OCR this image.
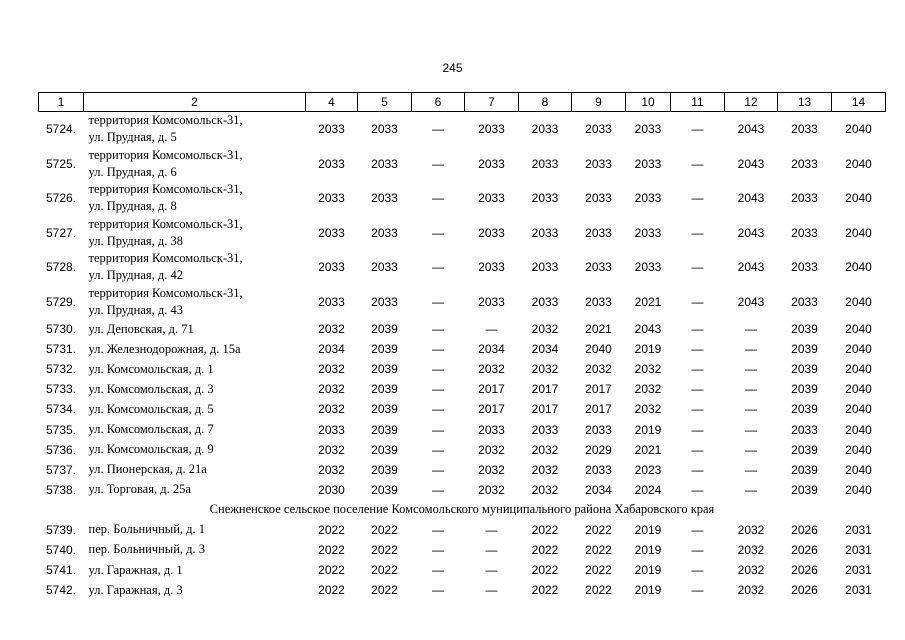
245
1	2	4	5	6	7	8	9	10	11	12	13	14
5724.	территория Комсомольск-31,
ул. Прудная, д. 5	2033	2033	—	2033	2033	2033	2033	—	2043	2033	2040
5725.	территория Комсомольск-31,
ул. Прудная, д. 6	2033	2033	—	2033	2033	2033	2033	—	2043	2033	2040
5726.	территория Комсомольск-31,
ул. Прудная, д. 8	2033	2033	—	2033	2033	2033	2033	—	2043	2033	2040
5727.	территория Комсомольск-31,
ул. Прудная, д. 38	2033	2033	—	2033	2033	2033	2033	—	2043	2033	2040
5728.	территория Комсомольск-31,
ул. Прудная, д. 42	2033	2033	—	2033	2033	2033	2033	—	2043	2033	2040
5729.	территория Комсомольск-31,
ул. Прудная, д. 43	2033	2033	—	2033	2033	2033	2021	—	2043	2033	2040
5730.	ул. Деповская, д. 71	2032	2039	—	—	2032	2021	2043	—	—	2039	2040
5731.	ул. Железнодорожная, д. 15а	2034	2039	—	2034	2034	2040	2019	—	—	2039	2040
5732.	ул. Комсомольская, д. 1	2032	2039	—	2032	2032	2032	2032	—	—	2039	2040
5733.	ул. Комсомольская, д. 3	2032	2039	—	2017	2017	2017	2032	—	—	2039	2040
5734.	ул. Комсомольская, д. 5	2032	2039	—	2017	2017	2017	2032	—	—	2039	2040
5735.	ул. Комсомольская, д. 7	2033	2039	—	2033	2033	2033	2019	—	—	2033	2040
5736.	ул. Комсомольская, д. 9	2032	2039	—	2032	2032	2029	2021	—	—	2039	2040
5737.	ул. Пионерская, д. 21а	2032	2039	—	2032	2032	2033	2023	—	—	2039	2040
5738.	ул. Торговая, д. 25а	2030	2039	—	2032	2032	2034	2024	—	—	2039	2040
Снежненское сельское поселение Комсомольского муниципального района Хабаровского края												
5739.	пер. Больничный, д. 1	2022	2022	—	—	2022	2022	2019	—	2032	2026	2031
5740.	пер. Больничный, д. 3	2022	2022	—	—	2022	2022	2019	—	2032	2026	2031
5741.	ул. Гаражная, д. 1	2022	2022	—	—	2022	2022	2019	—	2032	2026	2031
5742.	ул. Гаражная, д. 3	2022	2022	—	—	2022	2022	2019	—	2032	2026	2031
